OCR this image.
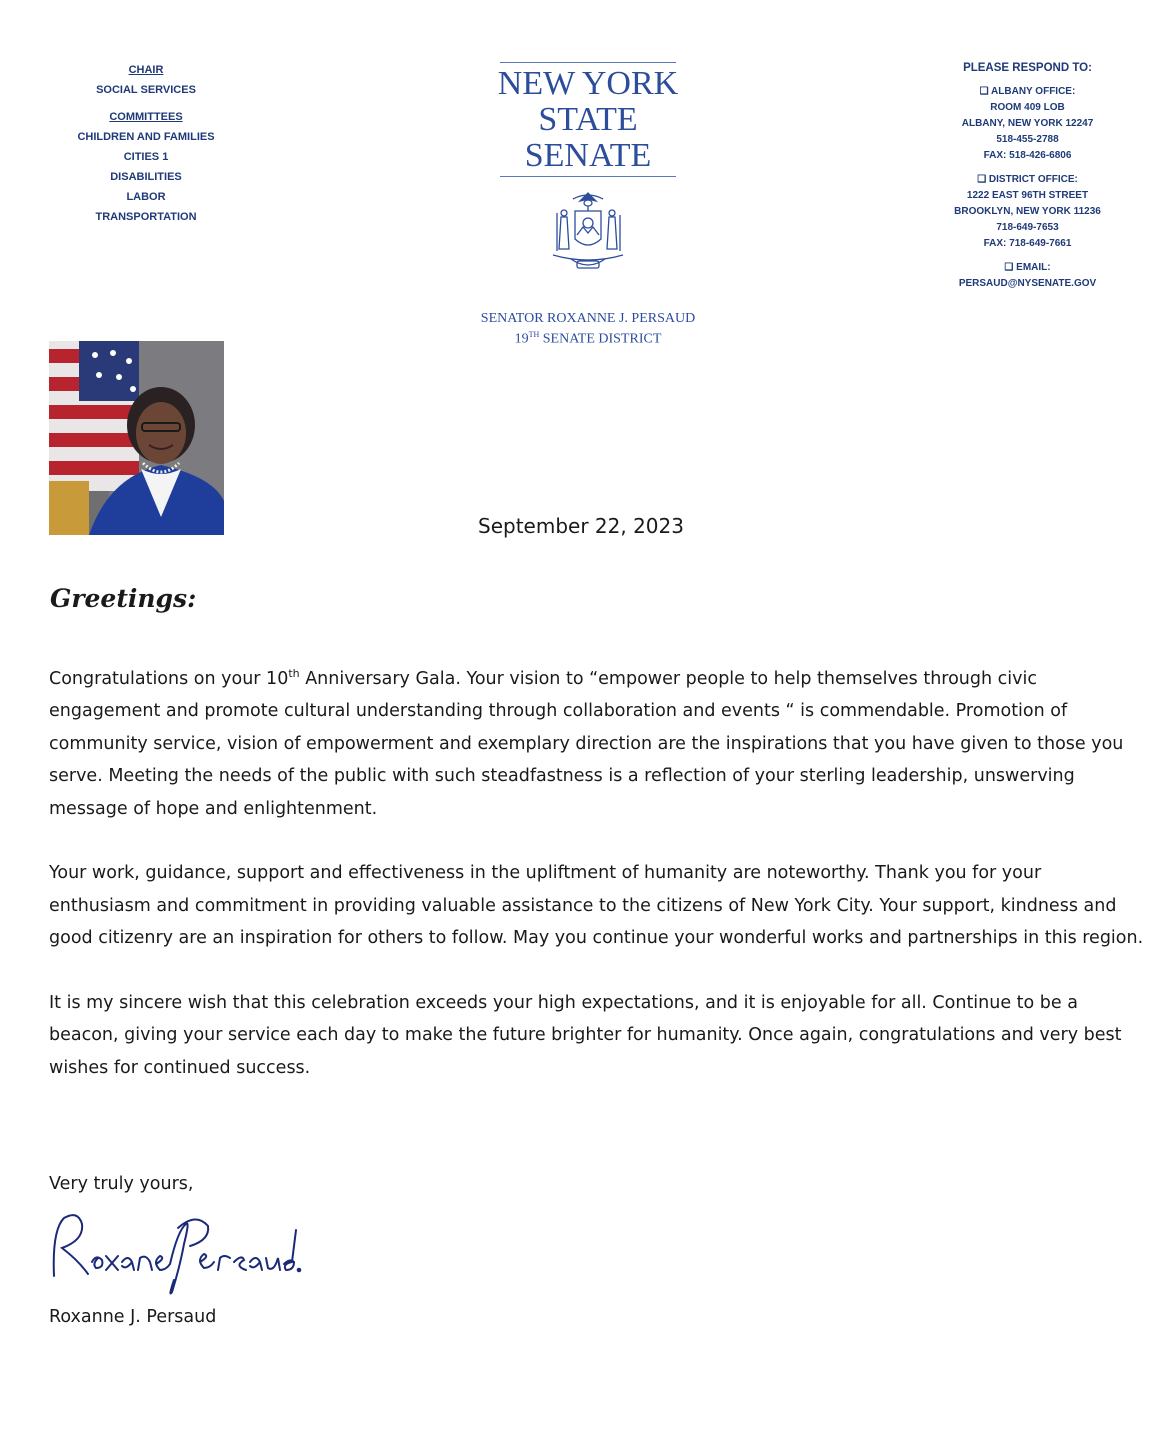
CHAIR
SOCIAL SERVICES
COMMITTEES
CHILDREN AND FAMILIES
CITIES 1
DISABILITIES
LABOR
TRANSPORTATION
NEW YORK
STATE
SENATE
SENATOR ROXANNE J. PERSAUD
19TH SENATE DISTRICT
PLEASE RESPOND TO:
❑ ALBANY OFFICE:
ROOM 409 LOB
ALBANY, NEW YORK 12247
518-455-2788
FAX: 518-426-6806
❑ DISTRICT OFFICE:
1222 EAST 96TH STREET
BROOKLYN, NEW YORK 11236
718-649-7653
FAX: 718-649-7661
❑ EMAIL:
PERSAUD@NYSENATE.GOV
September 22, 2023
Greetings:

Congratulations on your 10th Anniversary Gala. Your vision to “empower people to help themselves through civic engagement and promote cultural understanding through collaboration and events “ is commendable. Promotion of community service, vision of empowerment and exemplary direction are the inspirations that you have given to those you serve. Meeting the needs of the public with such steadfastness is a reflection of your sterling leadership, unswerving message of hope and enlightenment.

Your work, guidance, support and effectiveness in the upliftment of humanity are noteworthy. Thank you for your enthusiasm and commitment in providing valuable assistance to the citizens of New York City. Your support, kindness and good citizenry are an inspiration for others to follow. May you continue your wonderful works and partnerships in this region.

It is my sincere wish that this celebration exceeds your high expectations, and it is enjoyable for all. Continue to be a beacon, giving your service each day to make the future brighter for humanity. Once again, congratulations and very best wishes for continued success.

Very truly yours,
Roxanne J. Persaud
